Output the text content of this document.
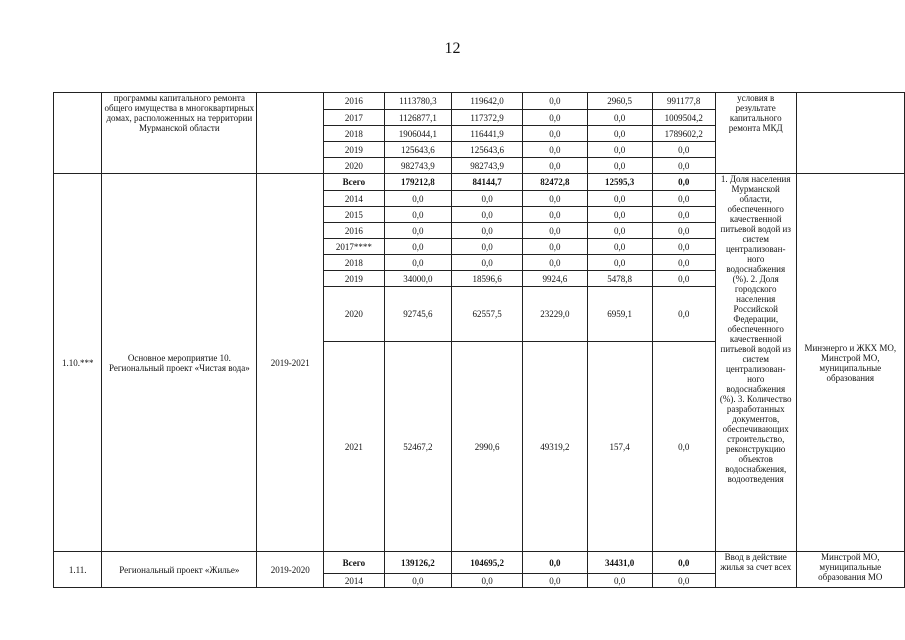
12
	программы капитального ремонта общего имущества в многоквартирных домах, расположенных на территории Мурманской области		2016	1113780,3	119642,0	0,0	2960,5	991177,8	условия в результате капитального ремонта МКД	
			2017	1126877,1	117372,9	0,0	0,0	1009504,2		
			2018	1906044,1	116441,9	0,0	0,0	1789602,2		
			2019	125643,6	125643,6	0,0	0,0	0,0		
			2020	982743,9	982743,9	0,0	0,0	0,0		
1.10.***	Основное мероприятие 10. Региональный проект «Чистая вода»	2019-2021	Всего	179212,8	84144,7	82472,8	12595,3	0,0	1. Доля населения Мурманской области, обеспеченного качественной питьевой водой из систем централизован-ного водоснабжения (%). 2. Доля городского населения Российской Федерации, обеспеченного качественной питьевой водой из систем централизован-ного водоснабжения (%). 3. Количество разработанных документов, обеспечивающих строительство, реконструкцию объектов водоснабжения, водоотведения	Минэнерго и ЖКХ МО, Минстрой МО, муниципальные образования
			2014	0,0	0,0	0,0	0,0	0,0		
			2015	0,0	0,0	0,0	0,0	0,0		
			2016	0,0	0,0	0,0	0,0	0,0		
			2017****	0,0	0,0	0,0	0,0	0,0		
			2018	0,0	0,0	0,0	0,0	0,0		
			2019	34000,0	18596,6	9924,6	5478,8	0,0		
			2020	92745,6	62557,5	23229,0	6959,1	0,0		
			2021	52467,2	2990,6	49319,2	157,4	0,0		
1.11.	Региональный проект «Жилье»	2019-2020	Всего	139126,2	104695,2	0,0	34431,0	0,0	Ввод в действие жилья за счет всех	Минстрой МО, муниципальные образования МО
			2014	0,0	0,0	0,0	0,0	0,0		
